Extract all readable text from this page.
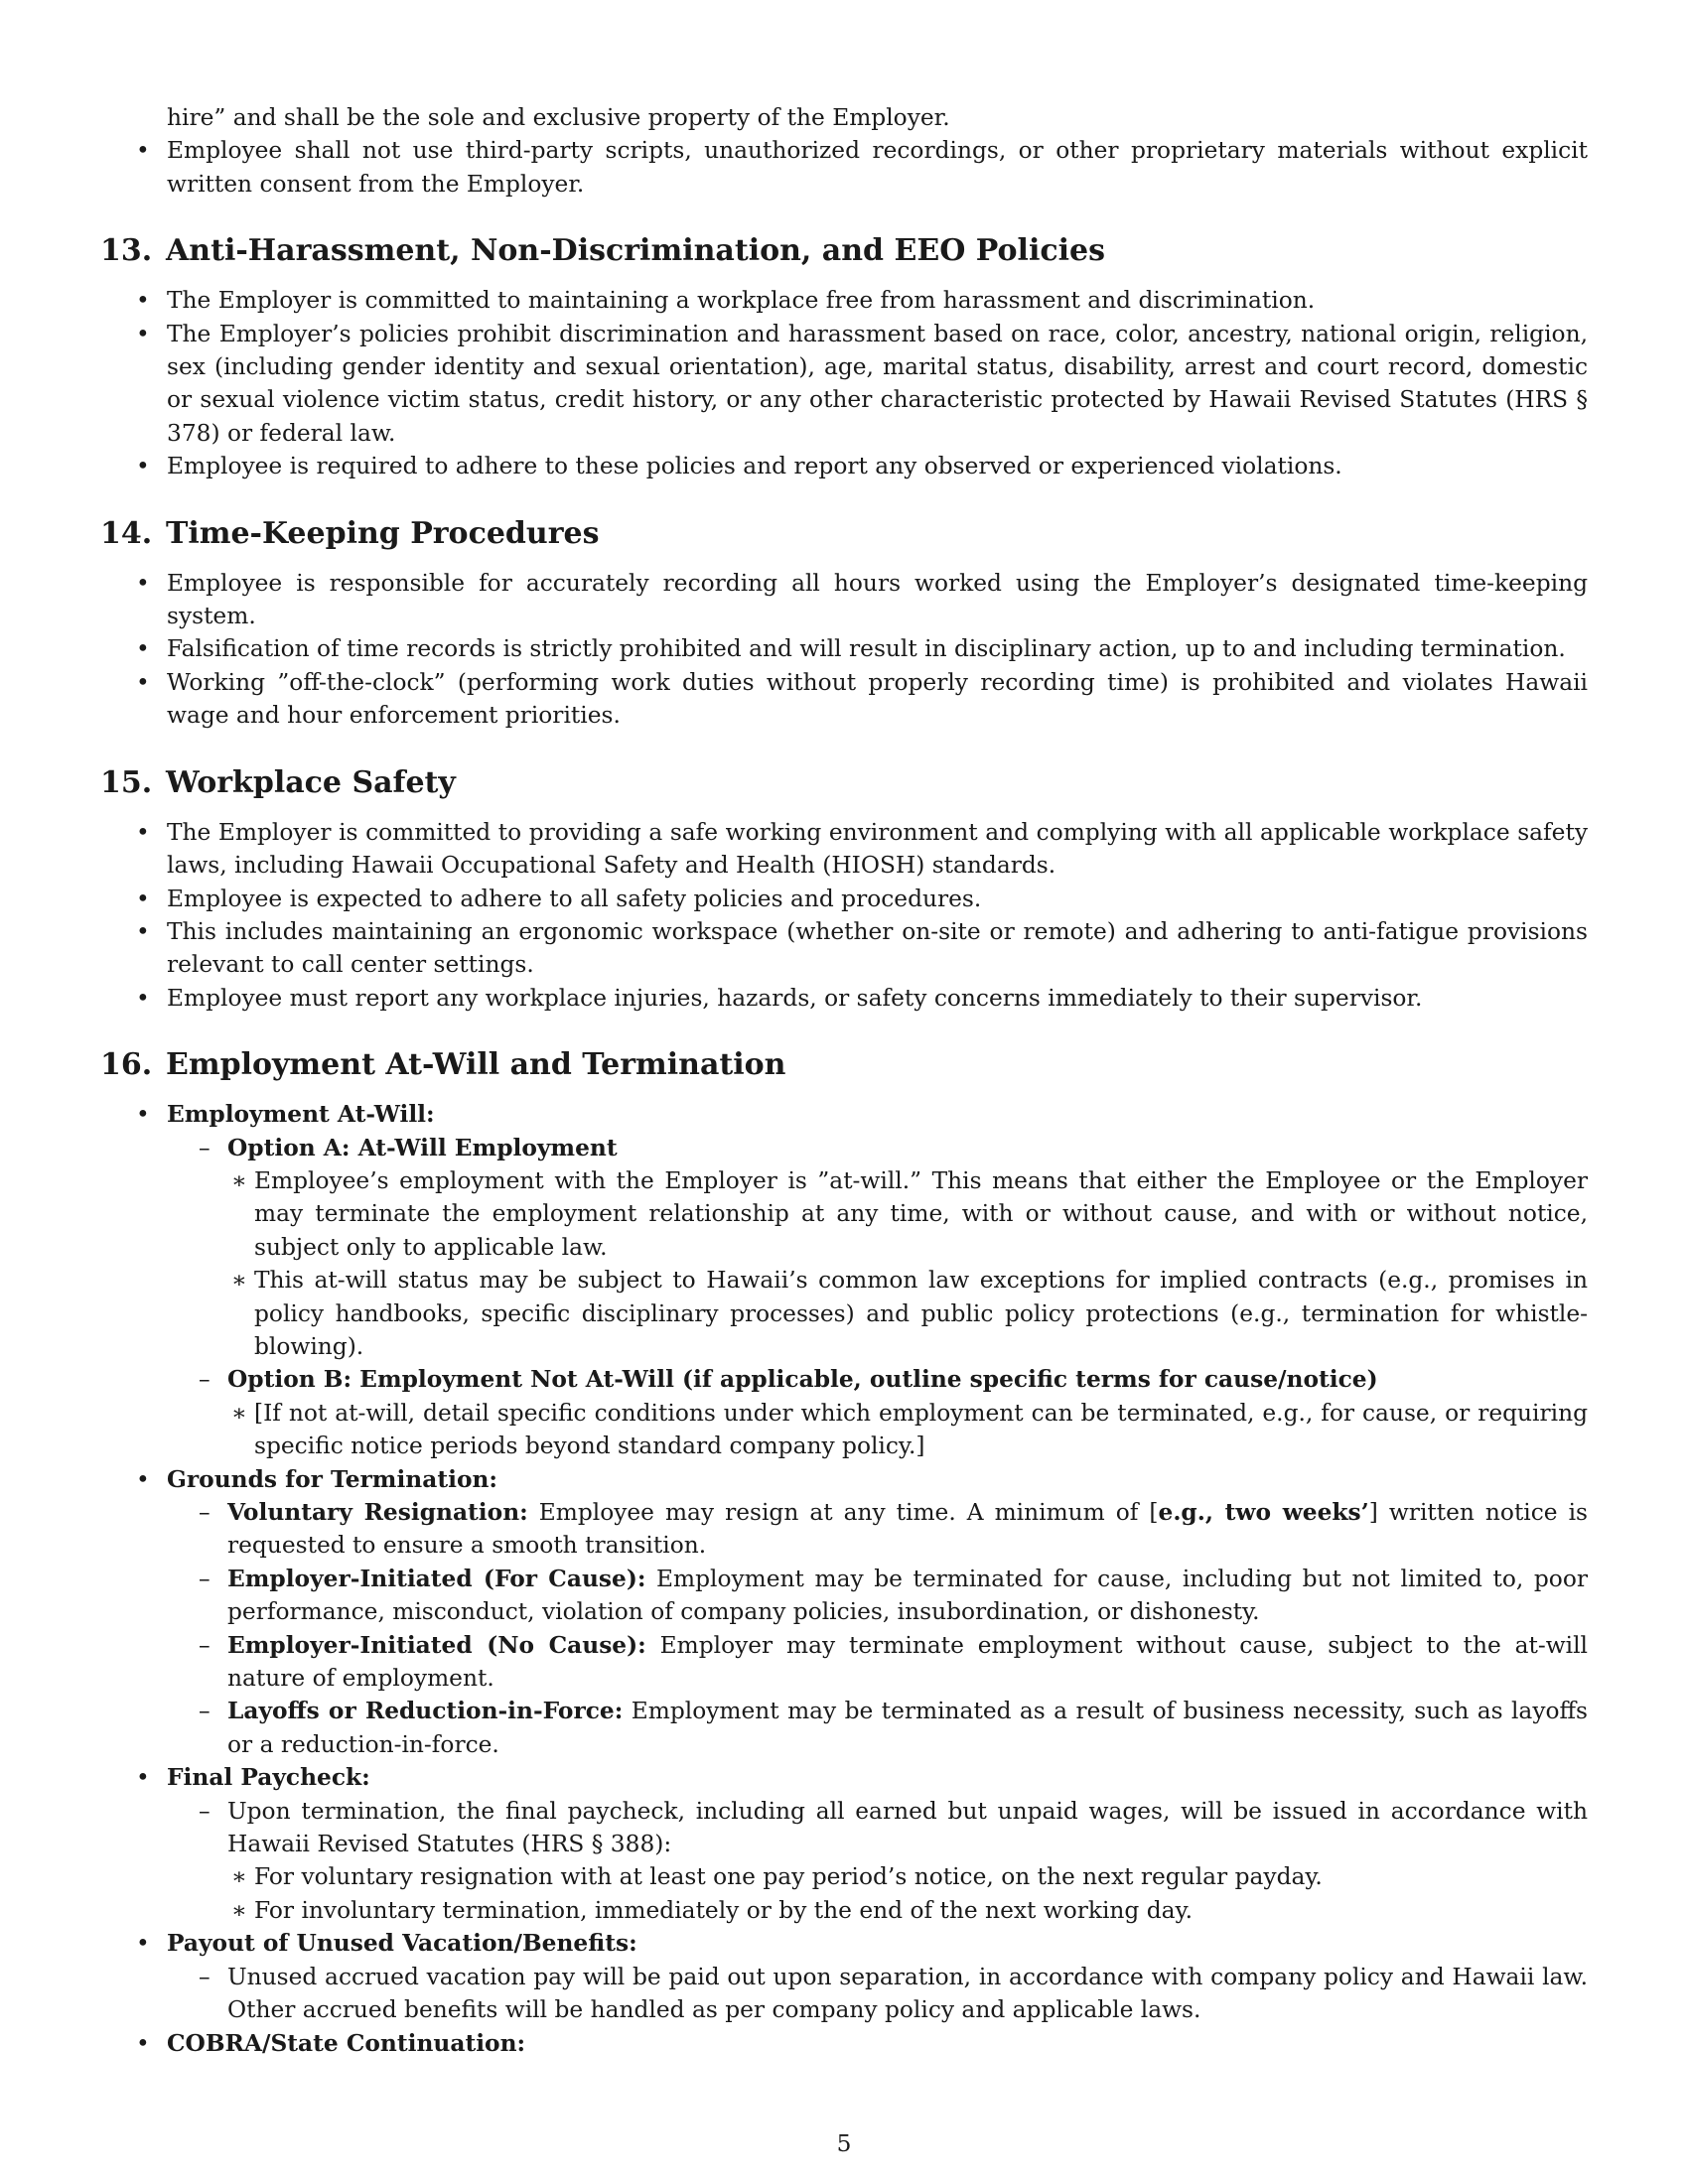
hire” and shall be the sole and exclusive property of the Employer.

• Employee shall not use third-party scripts, unauthorized recordings, or other proprietary materials without explicit written consent from the Employer.
13. Anti-Harassment, Non-Discrimination, and EEO Policies
• The Employer is committed to maintaining a workplace free from harassment and discrimination.
• The Employer’s policies prohibit discrimination and harassment based on race, color, ancestry, national origin, religion, sex (including gender identity and sexual orientation), age, marital status, disability, arrest and court record, domestic or sexual violence victim status, credit history, or any other characteristic protected by Hawaii Revised Statutes (HRS § 378) or federal law.
• Employee is required to adhere to these policies and report any observed or experienced violations.
14. Time-Keeping Procedures
• Employee is responsible for accurately recording all hours worked using the Employer’s designated time-keeping system.
• Falsification of time records is strictly prohibited and will result in disciplinary action, up to and including termination.
• Working ”off-the-clock” (performing work duties without properly recording time) is prohibited and violates Hawaii wage and hour enforcement priorities.
15. Workplace Safety
• The Employer is committed to providing a safe working environment and complying with all applicable workplace safety laws, including Hawaii Occupational Safety and Health (HIOSH) standards.
• Employee is expected to adhere to all safety policies and procedures.
• This includes maintaining an ergonomic workspace (whether on-site or remote) and adhering to anti-fatigue provisions relevant to call center settings.
• Employee must report any workplace injuries, hazards, or safety concerns immediately to their supervisor.
16. Employment At-Will and Termination
• Employment At-Will:
– Option A: At-Will Employment
∗ Employee’s employment with the Employer is ”at-will.” This means that either the Employee or the Employer may terminate the employment relationship at any time, with or without cause, and with or without notice, subject only to applicable law.
∗ This at-will status may be subject to Hawaii’s common law exceptions for implied contracts (e.g., promises in policy handbooks, specific disciplinary processes) and public policy protections (e.g., termination for whistle-blowing).
– Option B: Employment Not At-Will (if applicable, outline specific terms for cause/notice)
∗ [If not at-will, detail specific conditions under which employment can be terminated, e.g., for cause, or requiring specific notice periods beyond standard company policy.]
• Grounds for Termination:
– Voluntary Resignation: Employee may resign at any time. A minimum of [e.g., two weeks’] written notice is requested to ensure a smooth transition.
– Employer-Initiated (For Cause): Employment may be terminated for cause, including but not limited to, poor performance, misconduct, violation of company policies, insubordination, or dishonesty.
– Employer-Initiated (No Cause): Employer may terminate employment without cause, subject to the at-will nature of employment.
– Layoffs or Reduction-in-Force: Employment may be terminated as a result of business necessity, such as layoffs or a reduction-in-force.
• Final Paycheck:
– Upon termination, the final paycheck, including all earned but unpaid wages, will be issued in accordance with Hawaii Revised Statutes (HRS § 388):
∗ For voluntary resignation with at least one pay period’s notice, on the next regular payday.
∗ For involuntary termination, immediately or by the end of the next working day.
• Payout of Unused Vacation/Benefits:
– Unused accrued vacation pay will be paid out upon separation, in accordance with company policy and Hawaii law. Other accrued benefits will be handled as per company policy and applicable laws.
• COBRA/State Continuation:
5
